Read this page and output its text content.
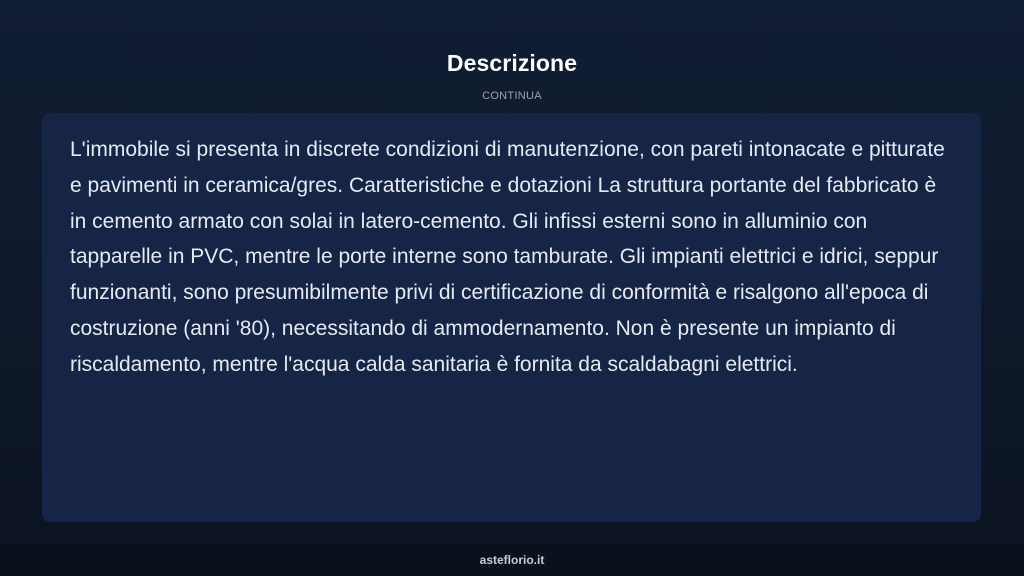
Descrizione
CONTINUA

L'immobile si presenta in discrete condizioni di manutenzione, con pareti intonacate e pitturate e pavimenti in ceramica/gres. Caratteristiche e dotazioni La struttura portante del fabbricato è in cemento armato con solai in latero-cemento. Gli infissi esterni sono in alluminio con tapparelle in PVC, mentre le porte interne sono tamburate. Gli impianti elettrici e idrici, seppur funzionanti, sono presumibilmente privi di certificazione di conformità e risalgono all'epoca di costruzione (anni '80), necessitando di ammodernamento. Non è presente un impianto di riscaldamento, mentre l'acqua calda sanitaria è fornita da scaldabagni elettrici.

asteflorio.it
